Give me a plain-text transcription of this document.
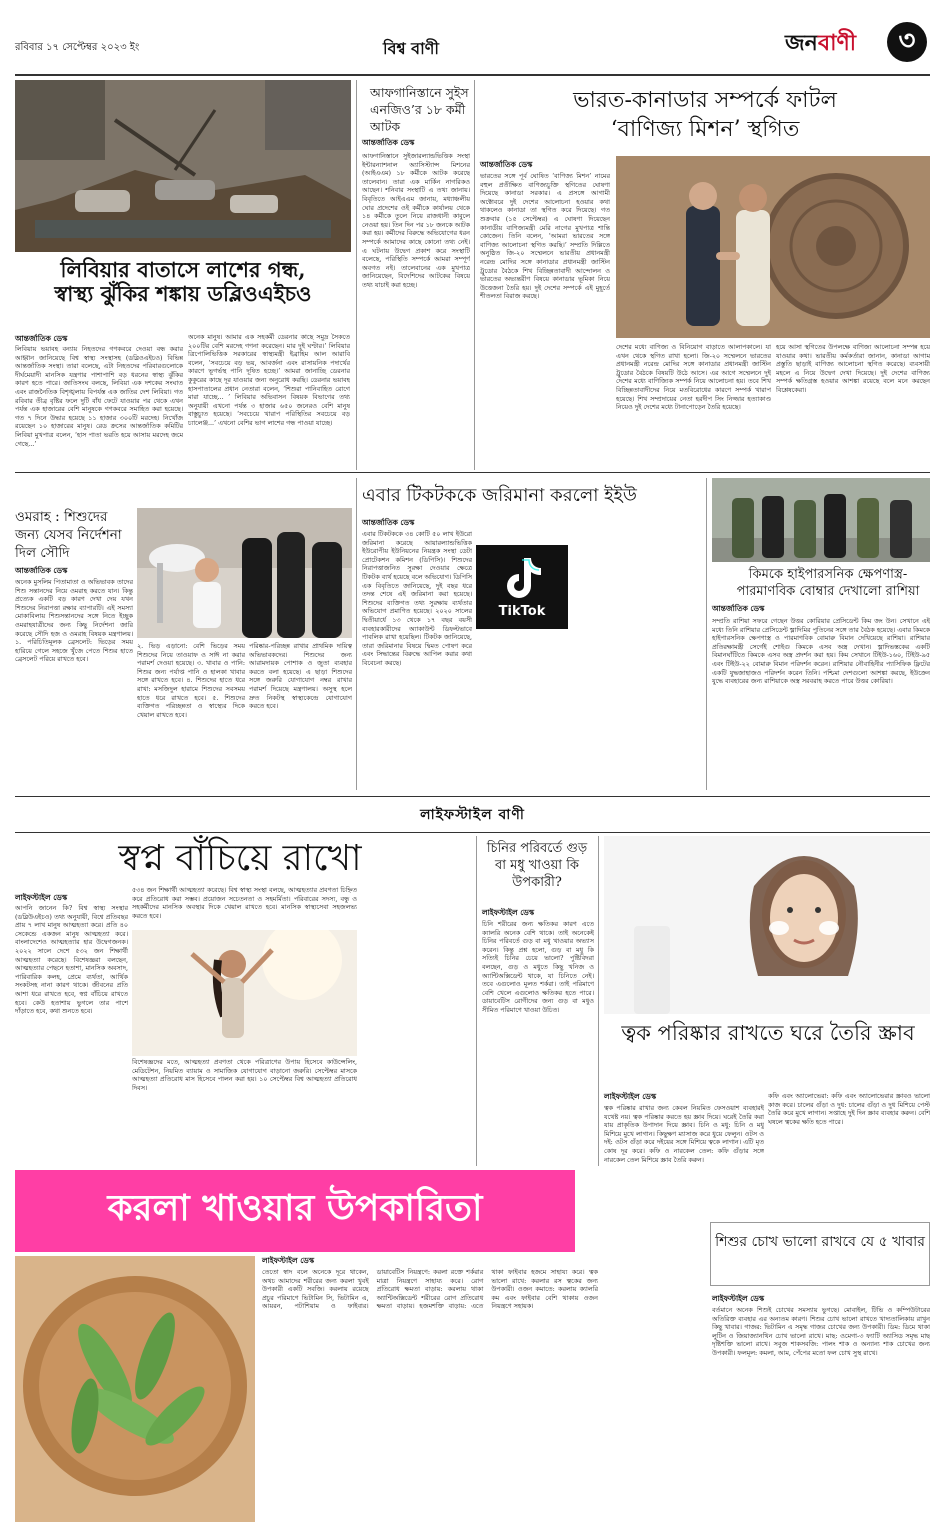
রবিবার ১৭ সেপ্টেম্বর ২০২৩ ইং	বিশ্ব বাণী	জনবাণী ৩
লিবিয়ার বাতাসে লাশের গন্ধ,
স্বাস্থ্য ঝুঁকির শঙ্কায় ডব্লিওএইচও
আন্তর্জাতিক ডেস্ক
লিবিয়ায় ভয়াবহ বন্যায় নিহতদের গণকবরে দেওয়া বন্ধ করার আহ্বান জানিয়েছে বিশ্ব স্বাস্থ্য সংস্থাসহ (ডব্লিওএইচও) বিভিন্ন আন্তর্জাতিক সংস্থা। তারা বলেছে, এটা নিহতদের পরিবারগুলোকে দীর্ঘমেয়াদী মানসিক যন্ত্রণার পাশাপাশি বড় ধরনের স্বাস্থ্য ঝুঁকির কারণ হতে পারে। জাতিসংঘ বলছে, লিবিয়া এক দশকের সংঘাত এবং রাজনৈতিক বিশৃঙ্খলায় বিপর্যস্ত এক জাতির দেশ লিবিয়া। গত রবিবার তীব্র বৃষ্টির ফলে দুটি বাঁধ ফেটে যাওয়ার পর থেকে এখন পর্যন্ত এক হাজারের বেশি মানুষকে গণকবরে সমাহিত করা হয়েছে। গত ৭ দিনে উদ্ধার হয়েছে ১১ হাজার ৩০০টি মরদেহ। নিখোঁজ রয়েছেন ১০ হাজারের মানুষ। রেড ক্রসের আন্তর্জাতিক কমিটির লিবিয়া মুখপাত্র বলেন, ‘হাস পাতা ভরতি হয়ে আসায় মরদেহ জমে গেছে...’
অনেক মানুষ। আমার এক সহকর্মী ডেরনার কাছে সমুদ্র সৈকতে ২০০টির বেশি মরদেহ গণনা করেছেন। মার দুই ঘণ্টার।’ লিবিয়ার ত্রিপোলিভিত্তিক সরকারের স্বাস্থ্যমন্ত্রী ইব্রাহিম আল আরাবি বলেন, ‘সবচেয়ে বড় ভয়, আবর্জনা এবং রাসায়নিক পদার্থের কারণে ভূগর্ভস্থ পানি দূষিত হচ্ছে।’ আমরা জানাচ্ছি ডেরনার কুকুরের কাছে দূর যাওয়ার জন্য অনুরোধ করছি। ডেরনার ভয়াবহ হাসপাতালের প্রধান নেতারা বলেন, ‘শিশুরা পানিবাহিত রোগে মারা যাচ্ছে... ’ লিবিয়ার অভিবাসন বিষয়ক বিভাগের তথ্য অনুযায়ী এখনো পর্যন্ত ৩ হাজার ৬৫০ জনেরও বেশি মানুষ বাস্তুচ্যুত হয়েছে। ‘সবচেয়ে খারাপ পরিস্থিতির সবচেয়ে বড় চ্যালেঞ্জ...’ এখনো বেশির ভাগ লাশের গন্ধ পাওয়া যাচ্ছে।
আফগানিস্তানে সুইস এনজিও’র ১৮ কর্মী আটক
আন্তর্জাতিক ডেস্ক
আফগানিস্তানে সুইজারল্যান্ডভিত্তিক সংস্থা ইন্টারন্যাশনাল অ্যাসিস্ট্যান্স মিশনের (আইএএম) ১৮ কর্মীকে আটক করেছে তালেবান। তারা এক মার্কিন নাগরিকও আছেন। শনিবার সংস্থাটি এ তথ্য জানায়। বিবৃতিতে আইএএম জানায়, মধ্যাঞ্চলীয় ঘোর প্রদেশের ওই কর্মীকে কার্যালয় থেকে ১৪ কর্মীকে তুলে নিয়ে রাজধানী কাবুলে নেওয়া হয়। তিন দিন পর ১৮ জনকে আটক করা হয়। কর্মীদের বিরুদ্ধে অভিযোগের ধরন সম্পর্কে আমাদের কাছে কোনো তথ্য নেই। এ ঘটনায় উদ্বেগ প্রকাশ করে সংস্থাটি বলেছে, পরিস্থিতি সম্পর্কে আমরা সম্পূর্ণ অবগত নই। তালেবানের এক মুখপাত্র জানিয়েছেন, বিদেশিদের আটকের বিষয়ে তথ্য যাচাই করা হচ্ছে।
ভারত-কানাডার সম্পর্কে ফাটল
‘বাণিজ্য মিশন’ স্থগিত
আন্তর্জাতিক ডেস্ক
ভারতের সঙ্গে পূর্ব ঘোষিত ‘বাণিজ্য মিশন’ নামের বহুল প্রতীক্ষিত বাণিজ্যচুক্তি স্থগিতের ঘোষণা দিয়েছে কানাডা সরকার। এ প্রসঙ্গে আগামী অক্টোবরে দুই দেশের আলোচনা হওয়ার কথা থাকলেও কানাডা তা স্থগিত করে দিয়েছে। গত শুক্রবার (১৫ সেপ্টেম্বর) এ ঘোষণা দিয়েছেন কানাডীয় বাণিজ্যমন্ত্রী মেরি নাগের মুখপাত্র শান্তি কোজেন। তিনি বলেন, ‘আমরা ভারতের সঙ্গে বাণিজ্য আলোচনা স্থগিত করছি।’ সম্প্রতি দিল্লিতে অনুষ্ঠিত জি-২০ সম্মেলনে ভারতীয় প্রধানমন্ত্রী নরেন্দ্র মোদির সঙ্গে কানাডার প্রধানমন্ত্রী জাস্টিন ট্রুডোর বৈঠকে শিখ বিচ্ছিন্নতাবাদী আন্দোলন ও ভারতের অভ্যন্তরীণ বিষয়ে কানাডার ভূমিকা নিয়ে উত্তেজনা তৈরি হয়। দুই দেশের সম্পর্কে এই মুহূর্তে শীতলতা বিরাজ করছে।
দেশের মধ্যে বাণিজ্য ও বিনিয়োগ বাড়াতে আলাপকালে। যা এখন থেকে স্থগিত রাখা হলো। জি-২০ সম্মেলনে ভারতের প্রধানমন্ত্রী নরেন্দ্র মোদির সঙ্গে কানাডার প্রধানমন্ত্রী জাস্টিন ট্রুডোর বৈঠকে বিষয়টি উঠে আসে। এর আগে সম্মেলনে দুই দেশের মধ্যে বাণিজ্যিক সম্পর্ক নিয়ে আলোচনা হয়। তবে শিখ বিচ্ছিন্নতাবাদীদের নিয়ে মতবিরোধের কারণে সম্পর্ক খারাপ হয়েছে। শিখ সম্প্রদায়ের নেতা হরদীপ সিং নিজ্জার হত্যাকাণ্ড নিয়েও দুই দেশের মধ্যে টানাপোড়েন তৈরি হয়েছে।
হয়ে আসা স্থগিতের উপলক্ষে বাণিজ্য আলোচনা সম্পন্ন হয়ে যাওয়ার কথা। ভারতীয় কর্মকর্তারা জানান, কানাডা আগাম প্রস্তুতি ছাড়াই বাণিজ্য আলোচনা স্থগিত করেছে। ব্যবসায়ী মহলে এ নিয়ে উদ্বেগ দেখা দিয়েছে। দুই দেশের বাণিজ্য সম্পর্ক ক্ষতিগ্রস্ত হওয়ার আশঙ্কা রয়েছে বলে মনে করছেন বিশ্লেষকেরা।
ওমরাহ : শিশুদের জন্য যেসব নির্দেশনা দিল সৌদি
আন্তর্জাতিক ডেস্ক
অনেক মুসলিম পিতামাতা ও অভিভাবক তাদের শিশু সন্তানদের নিয়ে ওমরাহ করতে যান। কিন্তু প্রত্যেক একটি বড় কারণ দেখা দেয় যখন শিশুদের নিরাপত্তা রক্ষার ব্যাপারটি। এই সমস্যা মোকাবিলায় শিশুসন্তানদের সঙ্গে নিতে ইচ্ছুক ওমরাহযাত্রীদের জন্য কিছু নির্দেশনা জারি করেছে সৌদি হজ ও ওমরাহ বিষয়ক মন্ত্রণালয়। ১. পরিচিতিমূলক ব্রেসলেট: ভিড়ের সময় হারিয়ে গেলে সহজে খুঁজে পেতে শিশুর হাতে ব্রেসলেট পরিয়ে রাখতে হবে।
২. ভিড় এড়ানো: বেশি ভিড়ের সময় শিশুদের নিয়ে তাওয়াফ ও সাঈ না করার পরামর্শ দেওয়া হয়েছে। ৩. খাবার ও পানি: শিশুর জন্য পর্যাপ্ত পানি ও হালকা খাবার সঙ্গে রাখতে হবে। ৪. শিশুদের হাতে ধরে রাখা: মসজিদুল হারামে শিশুদের সবসময় হাতে ধরে রাখতে হবে। ৫. শিশুদের ব্যক্তিগত পরিচ্ছন্নতা ও স্বাস্থ্যের দিকে খেয়াল রাখতে হবে।
পরিষ্কার-পরিচ্ছন্ন রাখার প্রাথমিক দায়িত্ব অভিভাবকদের। শিশুদের জন্য আরামদায়ক পোশাক ও জুতা ব্যবহার করতে বলা হয়েছে। এ ছাড়া শিশুদের সঙ্গে জরুরি যোগাযোগ নম্বর রাখার পরামর্শ দিয়েছে মন্ত্রণালয়। অসুস্থ হলে দ্রুত নিকটস্থ স্বাস্থ্যকেন্দ্রে যোগাযোগ করতে হবে।
এবার টিকটককে জরিমানা করলো ইইউ
আন্তর্জাতিক ডেস্ক
এবার টিকটককে ৩৪ কোটি ৫০ লাখ ইউরো জরিমানা করেছে আয়ারল্যান্ডভিত্তিক ইউরোপীয় ইউনিয়নের নিয়ন্ত্রক সংস্থা ডেটা প্রোটেকশন কমিশন (ডিপিসি)। শিশুদের নিরাপত্তাজনিত সুরক্ষা দেওয়ার ক্ষেত্রে টিকটক ব্যর্থ হয়েছে বলে অভিযোগ। ডিপিসি এক বিবৃতিতে জানিয়েছে, দুই বছর ধরে তদন্ত শেষে এই জরিমানা করা হয়েছে। শিশুদের ব্যক্তিগত তথ্য সুরক্ষায় ব্যর্থতার অভিযোগ প্রমাণিত হয়েছে। ২০২০ সালের দ্বিতীয়ার্ধে ১৩ থেকে ১৭ বছর বয়সী ব্যবহারকারীদের অ্যাকাউন্ট ডিফল্টভাবে পাবলিক রাখা হয়েছিল। টিকটক জানিয়েছে, তারা জরিমানার বিষয়ে দ্বিমত পোষণ করে এবং সিদ্ধান্তের বিরুদ্ধে আপিল করার কথা বিবেচনা করছে।
TikTok
কিমকে হাইপারসনিক ক্ষেপণাস্ত্র-পারমাণবিক বোম্বার দেখালো রাশিয়া
আন্তর্জাতিক ডেস্ক
সম্প্রতি রাশিয়া সফরে গেছেন উত্তর কোরিয়ার প্রেসিডেন্ট কিম জং উন। সেখানে এই মধ্যে তিনি রাশিয়ার প্রেসিডেন্ট ভ্লাদিমির পুতিনের সঙ্গে তার বৈঠক হয়েছে। এবার কিমকে হাইপারসনিক ক্ষেপণাস্ত্র ও পারমাণবিক বোমারু বিমান দেখিয়েছে রাশিয়া। রাশিয়ার প্রতিরক্ষামন্ত্রী সের্গেই শোইগু কিমকে এসব অস্ত্র দেখান। ভ্লাদিভস্তকের একটি বিমানঘাঁটিতে কিমকে এসব অস্ত্র প্রদর্শন করা হয়। কিম সেখানে টিইউ-১৬০, টিইউ-৯৫ এবং টিইউ-২২ বোমারু বিমান পরিদর্শন করেন। রাশিয়ার নৌবাহিনীর প্যাসিফিক ফ্লিটের একটি যুদ্ধজাহাজও পরিদর্শন করেন তিনি। পশ্চিমা দেশগুলো আশঙ্কা করছে, ইউক্রেন যুদ্ধে ব্যবহারের জন্য রাশিয়াকে অস্ত্র সরবরাহ করতে পারে উত্তর কোরিয়া।
লাইফস্টাইল বাণী
স্বপ্ন বাঁচিয়ে রাখো
লাইফস্টাইল ডেস্ক
আপনি জানেন কি? বিশ্ব স্বাস্থ্য সংস্থার (ডব্লিউএইচও) তথ্য অনুযায়ী, বিশ্বে প্রতিবছর প্রায় ৭ লাখ মানুষ আত্মহত্যা করে। প্রতি ৪০ সেকেন্ডে একজন মানুষ আত্মহত্যা করে। বাংলাদেশেও আত্মহত্যার হার উদ্বেগজনক। ২০২২ সালে দেশে ৫৩২ জন শিক্ষার্থী আত্মহত্যা করেছে। বিশেষজ্ঞরা বলছেন, আত্মহত্যার পেছনে হতাশা, মানসিক অবসাদ, পারিবারিক কলহ, প্রেমে ব্যর্থতা, আর্থিক সংকটসহ নানা কারণ থাকে। জীবনের প্রতি আশা ধরে রাখতে হবে, স্বপ্ন বাঁচিয়ে রাখতে হবে। কেউ হতাশায় ভুগলে তার পাশে দাঁড়াতে হবে, কথা শুনতে হবে।
৫৩৪ জন শিক্ষার্থী আত্মহত্যা করেছে। বিশ্ব স্বাস্থ্য সংস্থা বলছে, আত্মহত্যার প্রবণতা চিহ্নিত করে প্রতিরোধ করা সম্ভব। প্রয়োজন সচেতনতা ও সহমর্মিতা। পরিবারের সদস্য, বন্ধু ও সহকর্মীদের মানসিক অবস্থার দিকে খেয়াল রাখতে হবে। মানসিক স্বাস্থ্যসেবা সহজলভ্য করতে হবে।
বিশেষজ্ঞদের মতে, আত্মহত্যা প্রবণতা থেকে পরিত্রাণের উপায় হিসেবে কাউন্সেলিং, মেডিটেশন, নিয়মিত ব্যায়াম ও সামাজিক যোগাযোগ বাড়ানো জরুরি। সেপ্টেম্বর মাসকে আত্মহত্যা প্রতিরোধ মাস হিসেবে পালন করা হয়। ১০ সেপ্টেম্বর বিশ্ব আত্মহত্যা প্রতিরোধ দিবস।
চিনির পরিবর্তে গুড় বা মধু খাওয়া কি উপকারী?
লাইফস্টাইল ডেস্ক
চিনি শরীরের জন্য ক্ষতিকর কারণ এতে ক্যালরি অনেক বেশি থাকে। তাই অনেকেই চিনির পরিবর্তে গুড় বা মধু খাওয়ার অভ্যাস করেন। কিন্তু প্রশ্ন হলো, গুড় বা মধু কি সত্যিই চিনির চেয়ে ভালো? পুষ্টিবিদরা বলছেন, গুড় ও মধুতে কিছু খনিজ ও অ্যান্টিঅক্সিডেন্ট থাকে, যা চিনিতে নেই। তবে এগুলোও মূলত শর্করা। তাই পরিমাণে বেশি খেলে এগুলোও ক্ষতিকর হতে পারে। ডায়াবেটিস রোগীদের জন্য গুড় বা মধুও সীমিত পরিমাণে খাওয়া উচিত।
ত্বক পরিষ্কার রাখতে ঘরে তৈরি স্ক্রাব
লাইফস্টাইল ডেস্ক
ত্বক পরিষ্কার রাখার জন্য কেবল নিয়মিত ফেসওয়াশ ব্যবহারই যথেষ্ট নয়। ত্বক পরিষ্কার করতে হয় স্ক্রাব দিয়ে। ঘরেই তৈরি করা যায় প্রাকৃতিক উপাদান দিয়ে স্ক্রাব। চিনি ও মধু: চিনি ও মধু মিশিয়ে মুখে লাগান। কিছুক্ষণ ম্যাসাজ করে ধুয়ে ফেলুন। ওটস ও দই: ওটস গুঁড়া করে দইয়ের সঙ্গে মিশিয়ে ত্বকে লাগান। এটি মৃত কোষ দূর করে। কফি ও নারকেল তেল: কফি গুঁড়ার সঙ্গে নারকেল তেল মিশিয়ে স্ক্রাব তৈরি করুন।
কফি এবং অ্যালোভেরা: কফি এবং অ্যালোভেরার স্ক্রাবও ভালো কাজ করে। চালের গুঁড়া ও দুধ: চালের গুঁড়া ও দুধ মিশিয়ে পেস্ট তৈরি করে মুখে লাগান। সপ্তাহে দুই দিন স্ক্রাব ব্যবহার করুন। বেশি ঘষলে ত্বকের ক্ষতি হতে পারে।
করলা খাওয়ার উপকারিতা
লাইফস্টাইল ডেস্ক
তেতো স্বাদ বলে অনেকে দূরে থাকেন, অথচ আমাদের শরীরের জন্য করলা খুবই উপকারী একটি সবজি। করলায় রয়েছে প্রচুর পরিমাণে ভিটামিন সি, ভিটামিন এ, আয়রন, পটাশিয়াম ও ফাইবার। ডায়াবেটিস নিয়ন্ত্রণে: করলা রক্তে শর্করার মাত্রা নিয়ন্ত্রণে সাহায্য করে। রোগ প্রতিরোধ ক্ষমতা বাড়ায়: করলায় থাকা অ্যান্টিঅক্সিডেন্ট শরীরের রোগ প্রতিরোধ ক্ষমতা বাড়ায়। হজমশক্তি বাড়ায়: এতে থাকা ফাইবার হজমে সাহায্য করে। ত্বক ভালো রাখে: করলার রস ত্বকের জন্য উপকারী। ওজন কমাতে: করলায় ক্যালরি কম এবং ফাইবার বেশি থাকায় ওজন নিয়ন্ত্রণে সহায়ক।
শিশুর চোখ ভালো রাখবে যে ৫ খাবার
লাইফস্টাইল ডেস্ক
বর্তমানে অনেক শিশুই চোখের সমস্যায় ভুগছে। মোবাইল, টিভি ও কম্পিউটারের অতিরিক্ত ব্যবহার এর অন্যতম কারণ। শিশুর চোখ ভালো রাখতে খাদ্যতালিকায় রাখুন কিছু খাবার। গাজর: ভিটামিন এ সমৃদ্ধ গাজর চোখের জন্য উপকারী। ডিম: ডিমে থাকা লুটিন ও জিয়াজ্যানথিন চোখ ভালো রাখে। মাছ: ওমেগা-৩ ফ্যাটি অ্যাসিড সমৃদ্ধ মাছ দৃষ্টিশক্তি ভালো রাখে। সবুজ শাকসবজি: পালং শাক ও অন্যান্য শাক চোখের জন্য উপকারী। ফলমূল: কমলা, আম, পেঁপের মতো ফল চোখ সুস্থ রাখে।
